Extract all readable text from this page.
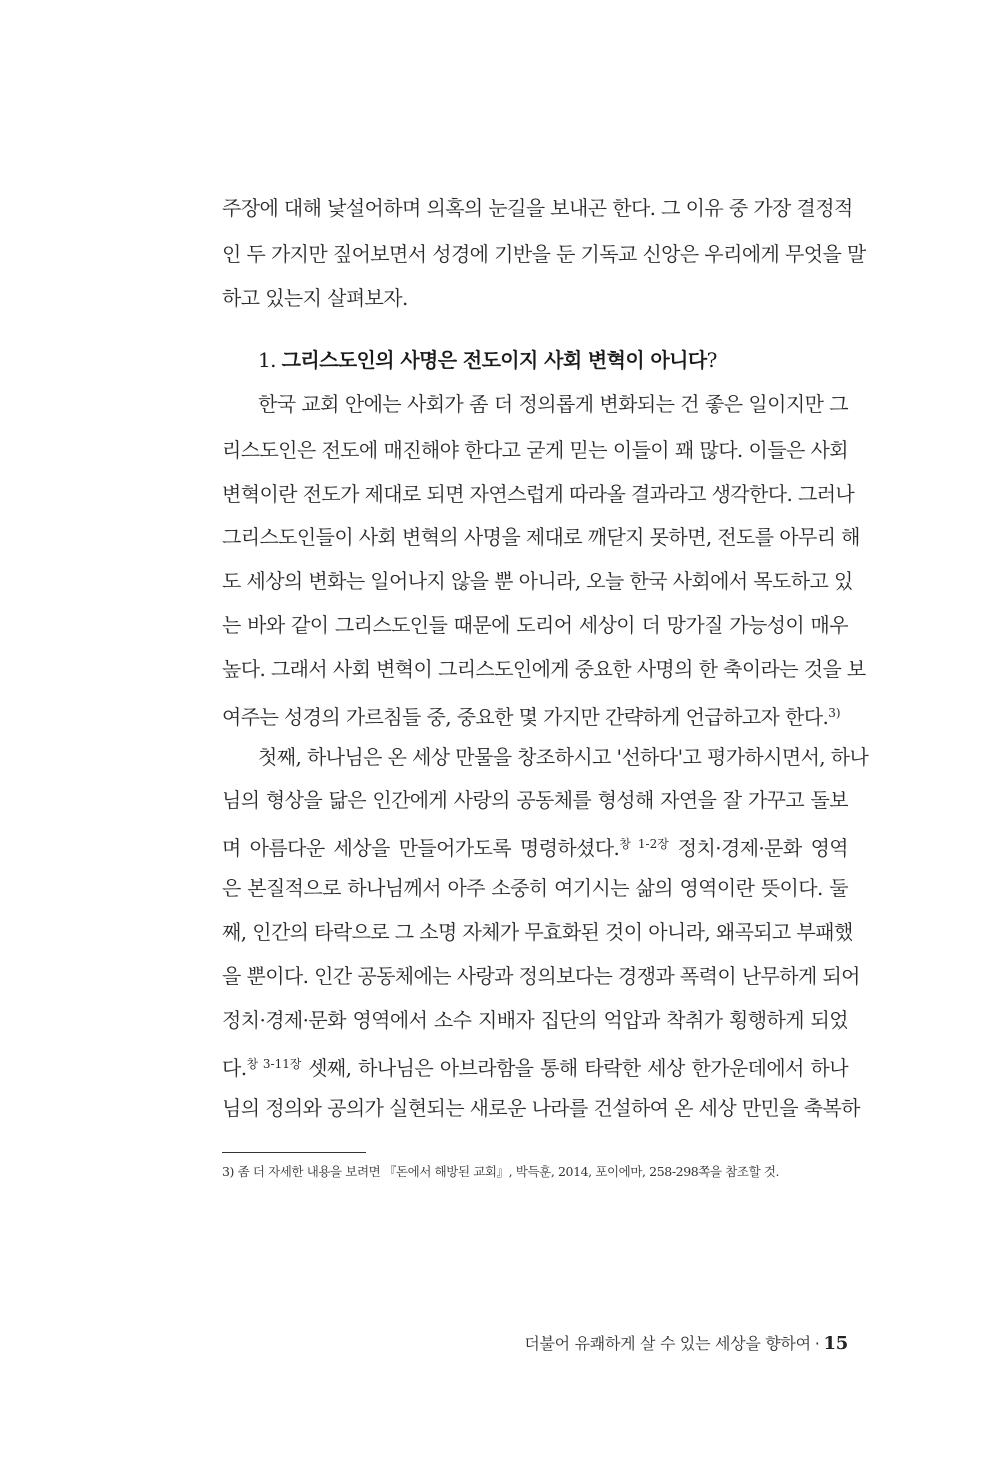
주장에 대해 낯설어하며 의혹의 눈길을 보내곤 한다. 그 이유 중 가장 결정적
인 두 가지만 짚어보면서 성경에 기반을 둔 기독교 신앙은 우리에게 무엇을 말
하고 있는지 살펴보자.
1. 그리스도인의 사명은 전도이지 사회 변혁이 아니다?
한국 교회 안에는 사회가 좀 더 정의롭게 변화되는 건 좋은 일이지만 그
리스도인은 전도에 매진해야 한다고 굳게 믿는 이들이 꽤 많다. 이들은 사회
변혁이란 전도가 제대로 되면 자연스럽게 따라올 결과라고 생각한다. 그러나
그리스도인들이 사회 변혁의 사명을 제대로 깨닫지 못하면, 전도를 아무리 해
도 세상의 변화는 일어나지 않을 뿐 아니라, 오늘 한국 사회에서 목도하고 있
는 바와 같이 그리스도인들 때문에 도리어 세상이 더 망가질 가능성이 매우
높다. 그래서 사회 변혁이 그리스도인에게 중요한 사명의 한 축이라는 것을 보
여주는 성경의 가르침들 중, 중요한 몇 가지만 간략하게 언급하고자 한다.$^{3)}$
첫째, 하나님은 온 세상 만물을 창조하시고 '선하다'고 평가하시면서, 하나
님의 형상을 닮은 인간에게 사랑의 공동체를 형성해 자연을 잘 가꾸고 돌보
며 아름다운 세상을 만들어가도록 명령하셨다.$^{창 1-2장}$ 정치·경제·문화 영역
은 본질적으로 하나님께서 아주 소중히 여기시는 삶의 영역이란 뜻이다. 둘
째, 인간의 타락으로 그 소명 자체가 무효화된 것이 아니라, 왜곡되고 부패했
을 뿐이다. 인간 공동체에는 사랑과 정의보다는 경쟁과 폭력이 난무하게 되어
정치·경제·문화 영역에서 소수 지배자 집단의 억압과 착취가 횡행하게 되었
다.$^{창 3-11장}$ 셋째, 하나님은 아브라함을 통해 타락한 세상 한가운데에서 하나
님의 정의와 공의가 실현되는 새로운 나라를 건설하여 온 세상 만민을 축복하
3) 좀 더 자세한 내용을 보려면 『돈에서 해방된 교회』, 박득훈, 2014, 포이에마, 258-298쪽을 참조할 것.
더불어 유쾌하게 살 수 있는 세상을 향하여 · 15
